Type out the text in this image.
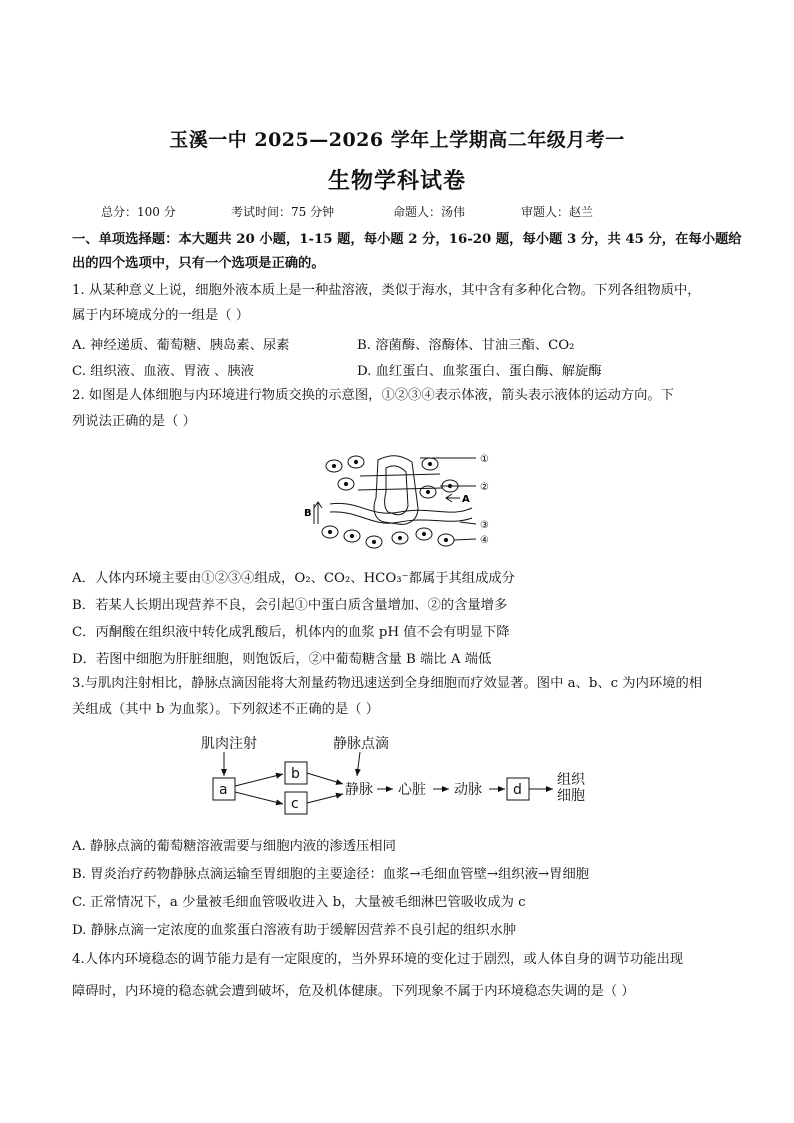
玉溪一中 2025—2026 学年上学期高二年级月考一
生物学科试卷
总分：100 分	考试时间：75 分钟	命题人：汤伟	审题人：赵兰
一、单项选择题：本大题共 20 小题，1-15 题，每小题 2 分，16-20 题，每小题 3 分，共 45 分，在每小题给
出的四个选项中，只有一个选项是正确的。
1. 从某种意义上说，细胞外液本质上是一种盐溶液，类似于海水，其中含有多种化合物。下列各组物质中，
属于内环境成分的一组是（ ）
A. 神经递质、葡萄糖、胰岛素、尿素	B. 溶菌酶、溶酶体、甘油三酯、CO₂
C. 组织液、血液、胃液 、胰液	D. 血红蛋白、血浆蛋白、蛋白酶、解旋酶
2. 如图是人体细胞与内环境进行物质交换的示意图，①②③④表示体液，箭头表示液体的运动方向。下
列说法正确的是（ ）
①
②
③
④
A
B
A．人体内环境主要由①②③④组成，O₂、CO₂、HCO₃⁻都属于其组成成分
B．若某人长期出现营养不良，会引起①中蛋白质含量增加、②的含量增多
C．丙酮酸在组织液中转化成乳酸后，机体内的血浆 pH 值不会有明显下降
D．若图中细胞为肝脏细胞，则饱饭后，②中葡萄糖含量 B 端比 A 端低
3.与肌肉注射相比，静脉点滴因能将大剂量药物迅速送到全身细胞而疗效显著。图中 a、b、c 为内环境的相
关组成（其中 b 为血浆）。下列叙述不正确的是（ ）
肌肉注射	静脉点滴
a
b
c
静脉 心脏 动脉 d
组织
细胞
A. 静脉点滴的葡萄糖溶液需要与细胞内液的渗透压相同
B. 胃炎治疗药物静脉点滴运输至胃细胞的主要途径：血浆→毛细血管壁→组织液→胃细胞
C. 正常情况下，a 少量被毛细血管吸收进入 b，大量被毛细淋巴管吸收成为 c
D. 静脉点滴一定浓度的血浆蛋白溶液有助于缓解因营养不良引起的组织水肿
4.人体内环境稳态的调节能力是有一定限度的，当外界环境的变化过于剧烈，或人体自身的调节功能出现
障碍时，内环境的稳态就会遭到破坏，危及机体健康。下列现象不属于内环境稳态失调的是（ ）
